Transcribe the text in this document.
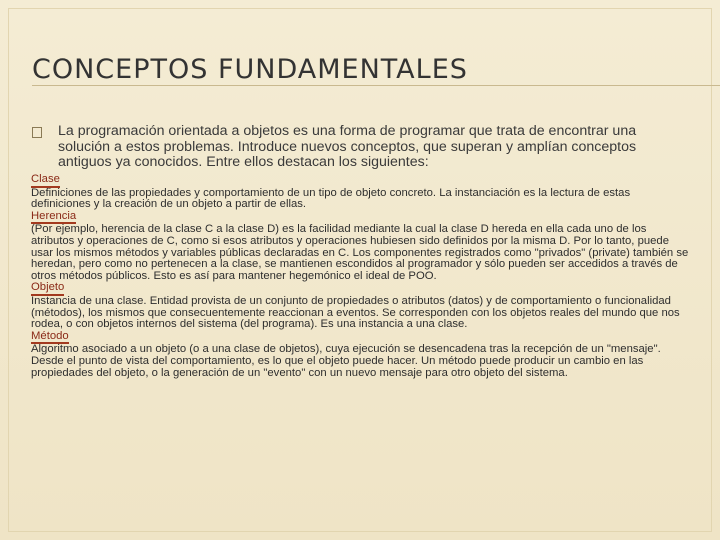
CONCEPTOS FUNDAMENTALES
La programación orientada a objetos es una forma de programar que trata de encontrar una solución a estos problemas. Introduce nuevos conceptos, que superan y amplían conceptos antiguos ya conocidos. Entre ellos destacan los siguientes:

Clase

Definiciones de las propiedades y comportamiento de un tipo de objeto concreto. La instanciación es la lectura de estas definiciones y la creación de un objeto a partir de ellas.

Herencia

(Por ejemplo, herencia de la clase C a la clase D) es la facilidad mediante la cual la clase D hereda en ella cada uno de los atributos y operaciones de C, como si esos atributos y operaciones hubiesen sido definidos por la misma D. Por lo tanto, puede usar los mismos métodos y variables públicas declaradas en C. Los componentes registrados como "privados" (private) también se heredan, pero como no pertenecen a la clase, se mantienen escondidos al programador y sólo pueden ser accedidos a través de otros métodos públicos. Esto es así para mantener hegemónico el ideal de POO.

Objeto

Instancia de una clase. Entidad provista de un conjunto de propiedades o atributos (datos) y de comportamiento o funcionalidad (métodos), los mismos que consecuentemente reaccionan a eventos. Se corresponden con los objetos reales del mundo que nos rodea, o con objetos internos del sistema (del programa). Es una instancia a una clase.

Método

Algoritmo asociado a un objeto (o a una clase de objetos), cuya ejecución se desencadena tras la recepción de un "mensaje". Desde el punto de vista del comportamiento, es lo que el objeto puede hacer. Un método puede producir un cambio en las propiedades del objeto, o la generación de un "evento" con un nuevo mensaje para otro objeto del sistema.
